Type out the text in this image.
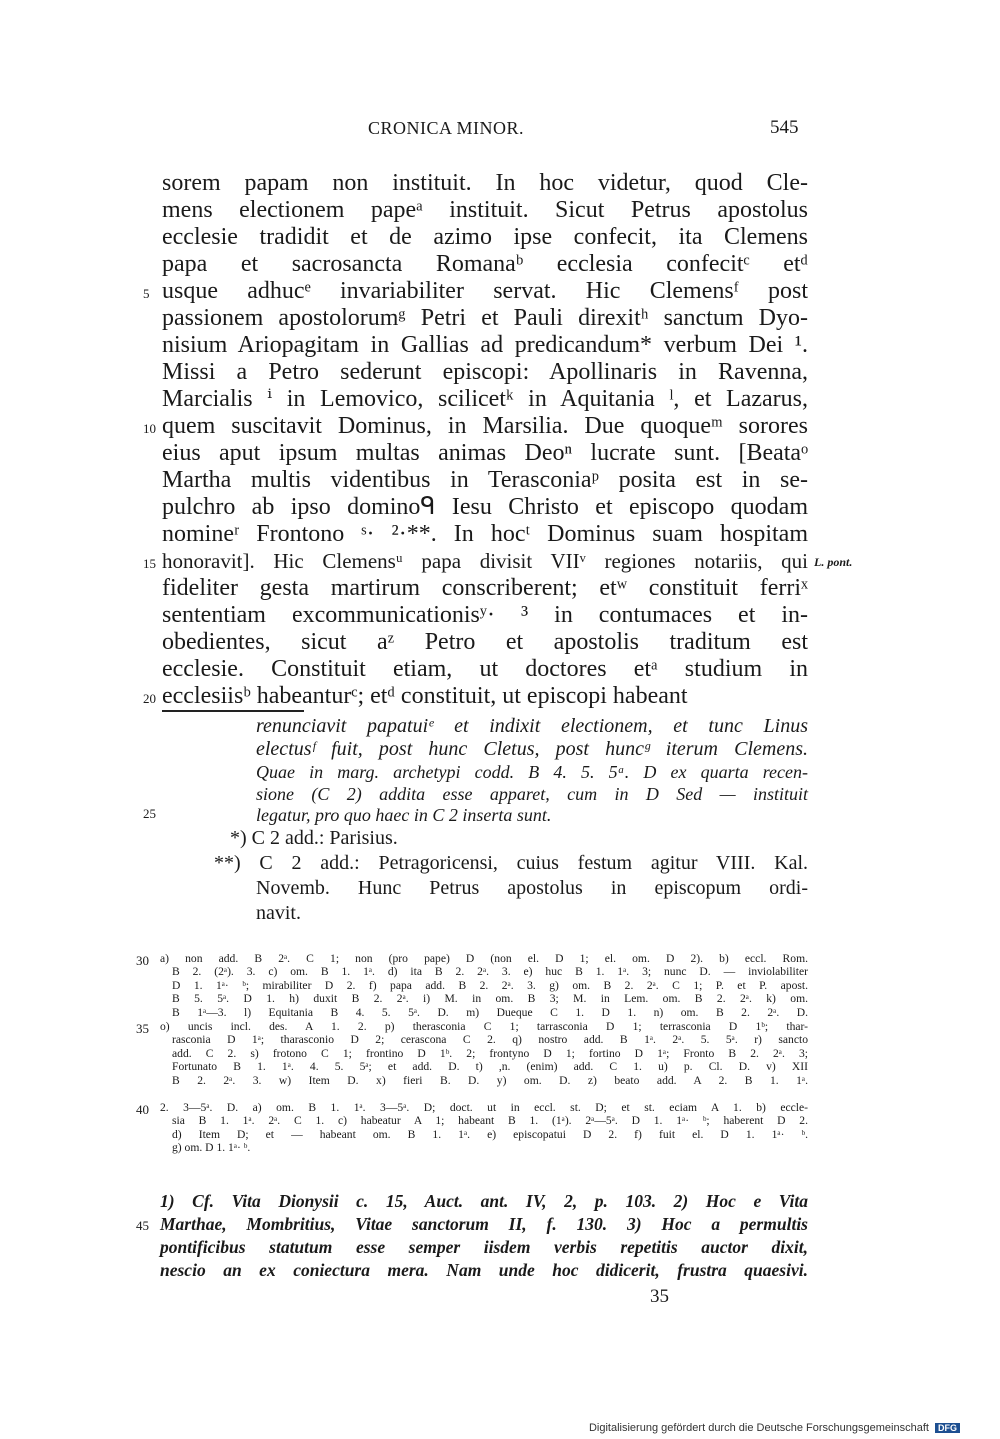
CRONICA MINOR.	545
sorem papam non instituit. In hoc videtur, quod Cle-
mens electionem papeᵃ instituit. Sicut Petrus apostolus
ecclesie tradidit et de azimo ipse confecit, ita Clemens
papa et sacrosancta Romanaᵇ ecclesia confecitᶜ etᵈ
usque adhucᵉ invariabiliter servat. Hic Clemensᶠ post
passionem apostolorumᵍ Petri et Pauli direxitʰ sanctum Dyo-
nisium Ariopagitam in Gallias ad predicandum* verbum Dei ¹.
Missi a Petro sederunt episcopi: Apollinaris in Ravenna,
Marcialis ⁱ in Lemovico, scilicetᵏ in Aquitania ˡ, et Lazarus,
quem suscitavit Dominus, in Marsilia. Due quoqueᵐ sorores
eius aput ipsum multas animas Deoⁿ lucrate sunt. [Beataᵒ
Martha multis videntibus in Terasconiaᵖ posita est in se-
pulchro ab ipso dominoᑫ Iesu Christo et episcopo quodam
nomineʳ Frontono ˢ· ²·**. In hocᵗ Dominus suam hospitam
honoravit]. Hic Clemensᵘ papa divisit VIIᵛ regiones notariis, qui
fideliter gesta martirum conscriberent; etʷ constituit ferriˣ
sententiam excommunicationisʸ· ³ in contumaces et in-
obedientes, sicut aᶻ Petro et apostolis traditum est
ecclesie. Constituit etiam, ut doctores etᵃ studium in
ecclesiisᵇ habeanturᶜ; etᵈ constituit, ut episcopi habeant
5
10
15
20
25
30
35
40
45
L. pont.
renunciavit papatuiᵉ et indixit electionem, et tunc Linus
electusᶠ fuit, post hunc Cletus, post huncᵍ iterum Clemens.
Quae in marg. archetypi codd. B 4. 5. 5ᵃ. D ex quarta recen-
sione (C 2) addita esse apparet, cum in D Sed — instituit
legatur, pro quo haec in C 2 inserta sunt.
*) C 2 add.: Parisius.
**) C 2 add.: Petragoricensi, cuius festum agitur VIII. Kal.
Novemb. Hunc Petrus apostolus in episcopum ordi-
navit.
a) non add. B 2ᵃ. C 1; non (pro pape) D (non el. D 1; el. om. D 2). b) eccl. Rom.
B 2. (2ᵃ). 3. c) om. B 1. 1ᵃ. d) ita B 2. 2ᵃ. 3. e) huc B 1. 1ᵃ. 3; nunc D. — inviolabiliter
D 1. 1ᵃ· ᵇ; mirabiliter D 2. f) papa add. B 2. 2ᵃ. 3. g) om. B 2. 2ᵃ. C 1; P. et P. apost.
B 5. 5ᵃ. D 1. h) duxit B 2. 2ᵃ. i) M. in om. B 3; M. in Lem. om. B 2. 2ᵃ. k) om.
B 1ᵃ—3. l) Equitania B 4. 5. 5ᵃ. D. m) Dueque C 1. D 1. n) om. B 2. 2ᵃ. D.
o) uncis incl. des. A 1. 2. p) therasconia C 1; tarrasconia D 1; terrasconia D 1ᵇ; thar-
rasconia D 1ᵃ; tharasconio D 2; cerascona C 2. q) nostro add. B 1ᵃ. 2ᵃ. 5. 5ᵃ. r) sancto
add. C 2. s) frotono C 1; frontino D 1ᵇ. 2; frontyno D 1; fortino D 1ᵃ; Fronto B 2. 2ᵃ. 3;
Fortunato B 1. 1ᵃ. 4. 5. 5ᵃ; et add. D. t) ,n. (enim) add. C 1. u) p. Cl. D. v) XII
B 2. 2ᵃ. 3. w) Item D. x) fieri B. D. y) om. D. z) beato add. A 2. B 1. 1ᵃ.
2. 3—5ᵃ. D. a) om. B 1. 1ᵃ. 3—5ᵃ. D; doct. ut in eccl. st. D; et st. eciam A 1. b) eccle-
sia B 1. 1ᵃ. 2ᵃ. C 1. c) habeatur A 1; habeant B 1. (1ᵃ). 2ᵃ—5ᵃ. D 1. 1ᵃ· ᵇ; haberent D 2.
d) Item D; et — habeant om. B 1. 1ᵃ. e) episcopatui D 2. f) fuit el. D 1. 1ᵃ· ᵇ.
g) om. D 1. 1ᵃ· ᵇ.
1) Cf. Vita Dionysii c. 15, Auct. ant. IV, 2, p. 103. 2) Hoc e Vita
Marthae, Mombritius, Vitae sanctorum II, f. 130. 3) Hoc a permultis
pontificibus statutum esse semper iisdem verbis repetitis auctor dixit,
nescio an ex coniectura mera. Nam unde hoc didicerit, frustra quaesivi.
35
Digitalisierung gefördert durch die Deutsche Forschungsgemeinschaft DFG
